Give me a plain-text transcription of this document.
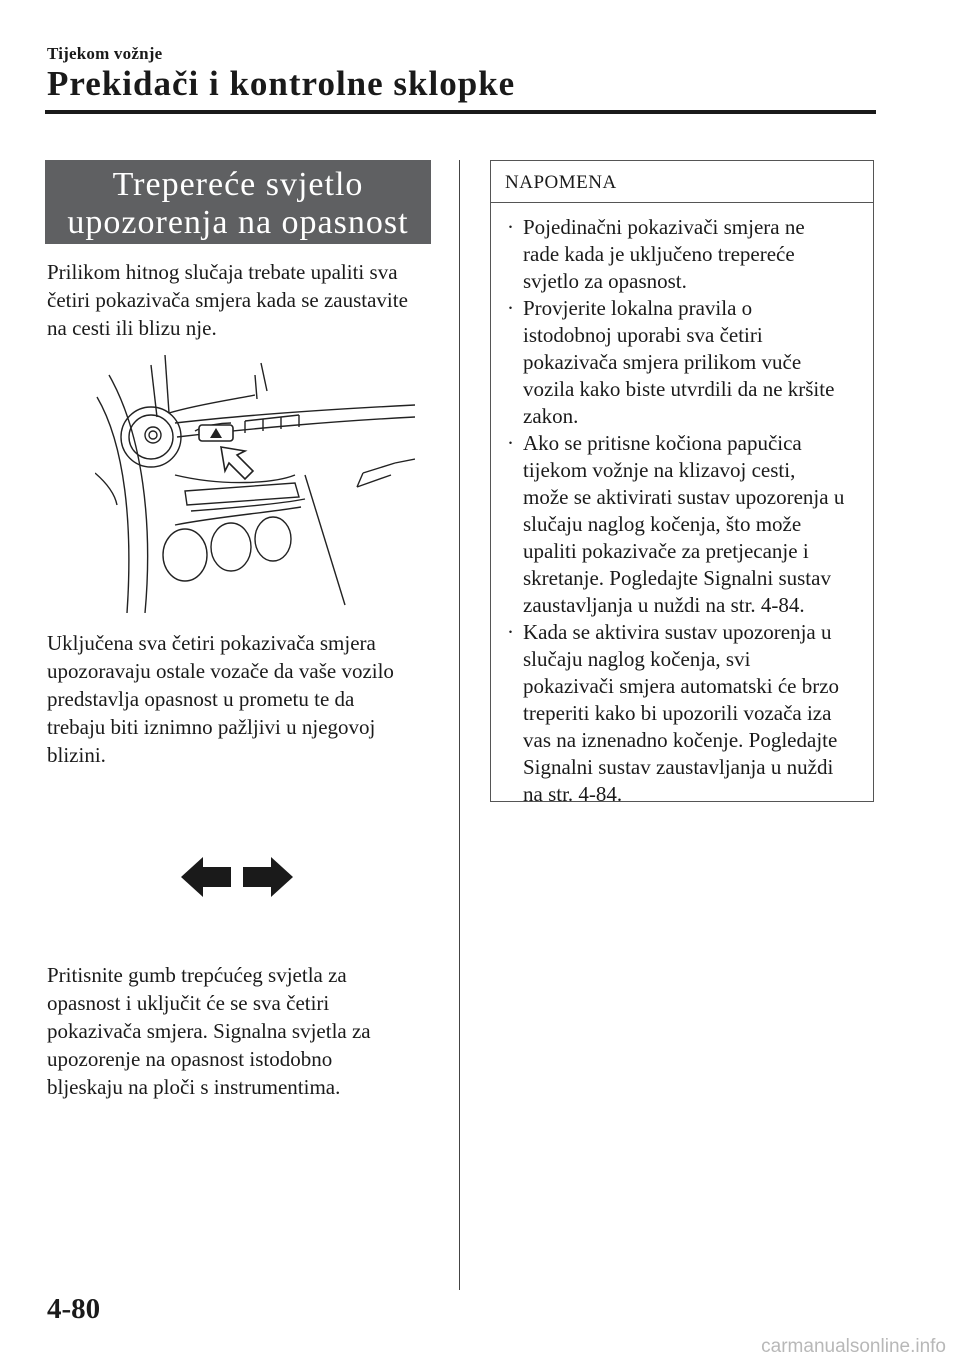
Tijekom vožnje
Prekidači i kontrolne sklopke
Trepereće svjetlo
upozorenja na opasnost
Prilikom hitnog slučaja trebate upaliti sva
četiri pokazivača smjera kada se zaustavite
na cesti ili blizu nje.
Uključena sva četiri pokazivača smjera
upozoravaju ostale vozače da vaše vozilo
predstavlja opasnost u prometu te da
trebaju biti iznimno pažljivi u njegovoj
blizini.
Pritisnite gumb trepćućeg svjetla za
opasnost i uključit će se sva četiri
pokazivača smjera. Signalna svjetla za
upozorenje na opasnost istodobno
bljeskaju na ploči s instrumentima.
NAPOMENA
· Pojedinačni pokazivači smjera ne
rade kada je uključeno trepereće
svjetlo za opasnost.
· Provjerite lokalna pravila o
istodobnoj uporabi sva četiri
pokazivača smjera prilikom vuče
vozila kako biste utvrdili da ne kršite
zakon.
· Ako se pritisne kočiona papučica
tijekom vožnje na klizavoj cesti,
može se aktivirati sustav upozorenja u
slučaju naglog kočenja, što može
upaliti pokazivače za pretjecanje i
skretanje. Pogledajte Signalni sustav
zaustavljanja u nuždi na str. 4-84.
· Kada se aktivira sustav upozorenja u
slučaju naglog kočenja, svi
pokazivači smjera automatski će brzo
treperiti kako bi upozorili vozača iza
vas na iznenadno kočenje. Pogledajte
Signalni sustav zaustavljanja u nuždi
na str. 4-84.
4-80
carmanualsonline.info
